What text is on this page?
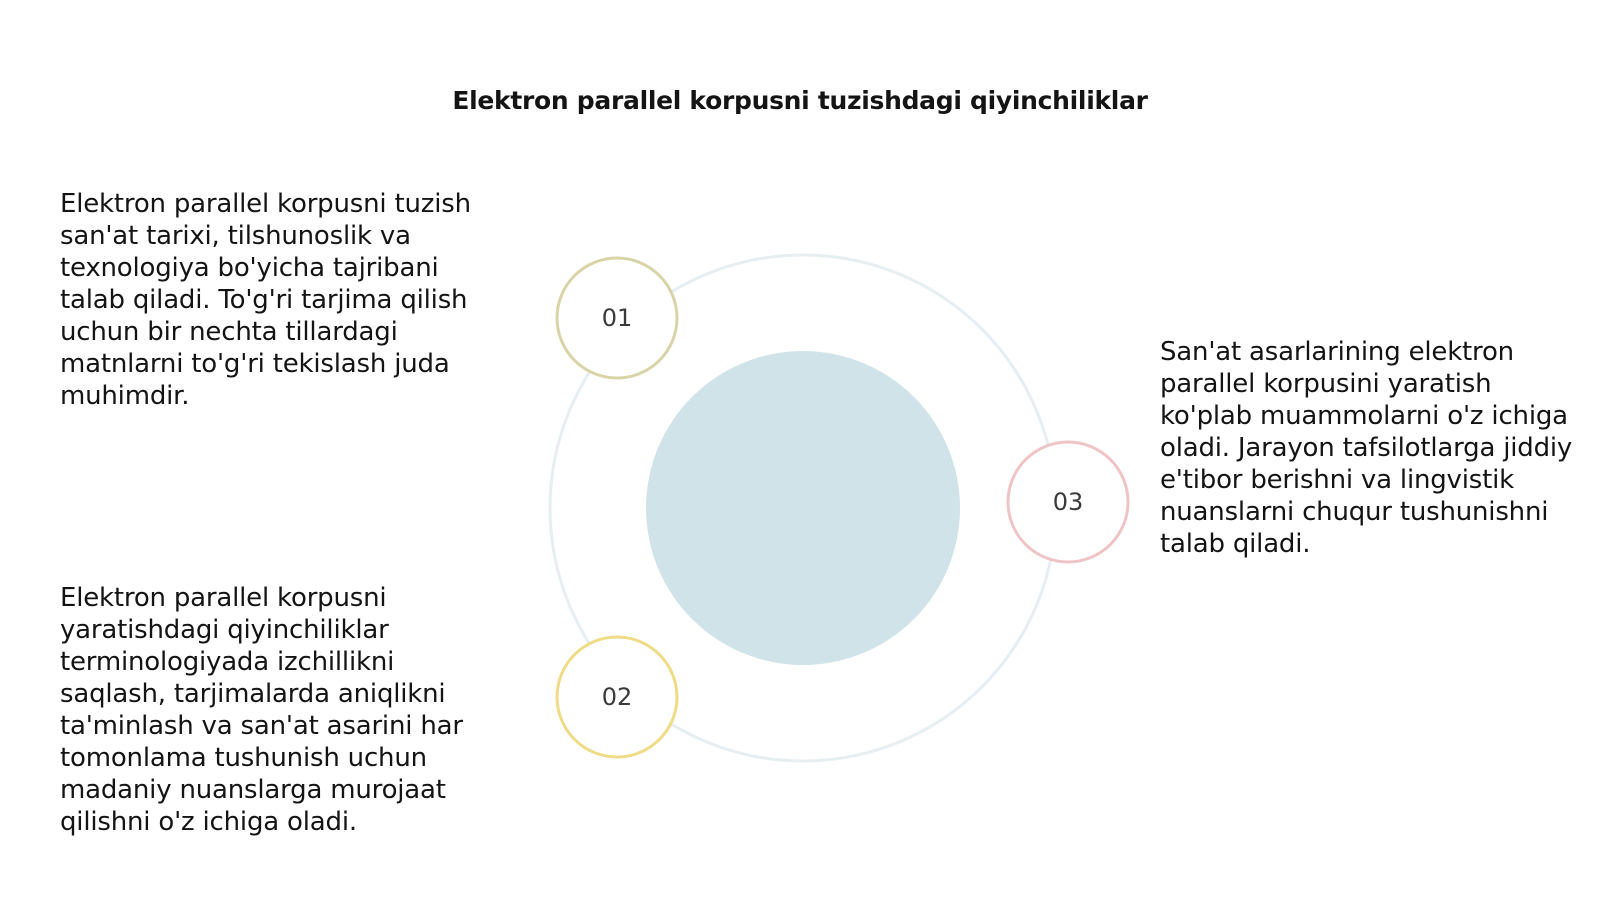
Elektron parallel korpusni tuzishdagi qiyinchiliklar
Elektron parallel korpusni tuzish san'at tarixi, tilshunoslik va texnologiya bo'yicha tajribani talab qiladi. To'g'ri tarjima qilish uchun bir nechta tillardagi matnlarni to'g'ri tekislash juda muhimdir.
Elektron parallel korpusni yaratishdagi qiyinchiliklar terminologiyada izchillikni saqlash, tarjimalarda aniqlikni ta'minlash va san'at asarini har tomonlama tushunish uchun madaniy nuanslarga murojaat qilishni o'z ichiga oladi.
San'at asarlarining elektron parallel korpusini yaratish ko'plab muammolarni o'z ichiga oladi. Jarayon tafsilotlarga jiddiy e'tibor berishni va lingvistik nuanslarni chuqur tushunishni talab qiladi.
01
02
03
